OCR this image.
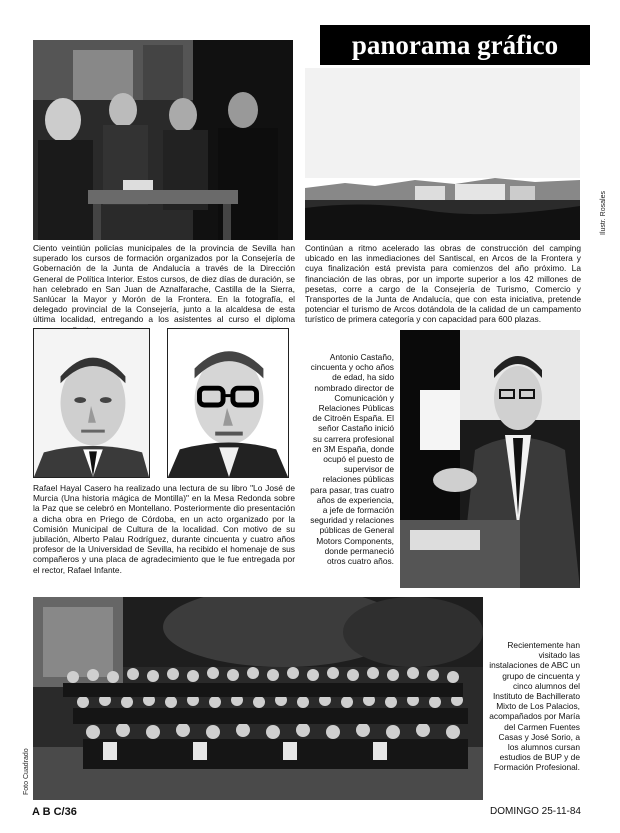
panorama gráfico

Ciento veintiún policías municipales de la provincia de Sevilla han superado los cursos de formación organizados por la Consejería de Gobernación de la Junta de Andalucía a través de la Dirección General de Política Interior. Estos cursos, de diez días de duración, se han celebrado en San Juan de Aznalfarache, Castilla de la Sierra, Sanlúcar la Mayor y Morón de la Frontera. En la fotografía, el delegado provincial de la Consejería, junto a la alcaldesa de esta última localidad, entregando a los asistentes al curso el diploma

Ilustr. Rosales

Continúan a ritmo acelerado las obras de construcción del camping ubicado en las inmediaciones del Santiscal, en Arcos de la Frontera y cuya finalización está prevista para comienzos del año próximo. La financiación de las obras, por un importe superior a los 42 millones de pesetas, corre a cargo de la Consejería de Turismo, Comercio y Transportes de la Junta de Andalucía, que con esta iniciativa, pretende potenciar el turismo de Arcos dotándola de la calidad de un campamento turístico de primera categoría y con capacidad para 600 plazas.

Rafael Hayal Casero ha realizado una lectura de su libro "Lo José de Murcia (Una historia mágica de Montilla)" en la Mesa Redonda sobre la Paz que se celebró en Montellano. Posteriormente dio presentación a dicha obra en Priego de Córdoba, en un acto organizado por la Comisión Municipal de Cultura de la localidad. Con motivo de su jubilación, Alberto Palau Rodríguez, durante cincuenta y cuatro años profesor de la Universidad de Sevilla, ha recibido el homenaje de sus compañeros y una placa de agradecimiento que le fue entregada por el rector, Rafael Infante.

Antonio Castaño, cincuenta y ocho años de edad, ha sido nombrado director de Comunicación y Relaciones Públicas de Citroën España. El señor Castaño inició su carrera profesional en 3M España, donde ocupó el puesto de supervisor de relaciones públicas para pasar, tras cuatro años de experiencia, a jefe de formación seguridad y relaciones públicas de General Motors Components, donde permaneció otros cuatro años.

Foto Cuadrado

Recientemente han visitado las instalaciones de ABC un grupo de cincuenta y cinco alumnos del Instituto de Bachillerato Mixto de Los Palacios, acompañados por María del Carmen Fuentes Casas y José Sorio, a los alumnos cursan estudios de BUP y de Formación Profesional.

A B C/36	DOMINGO 25-11-84
